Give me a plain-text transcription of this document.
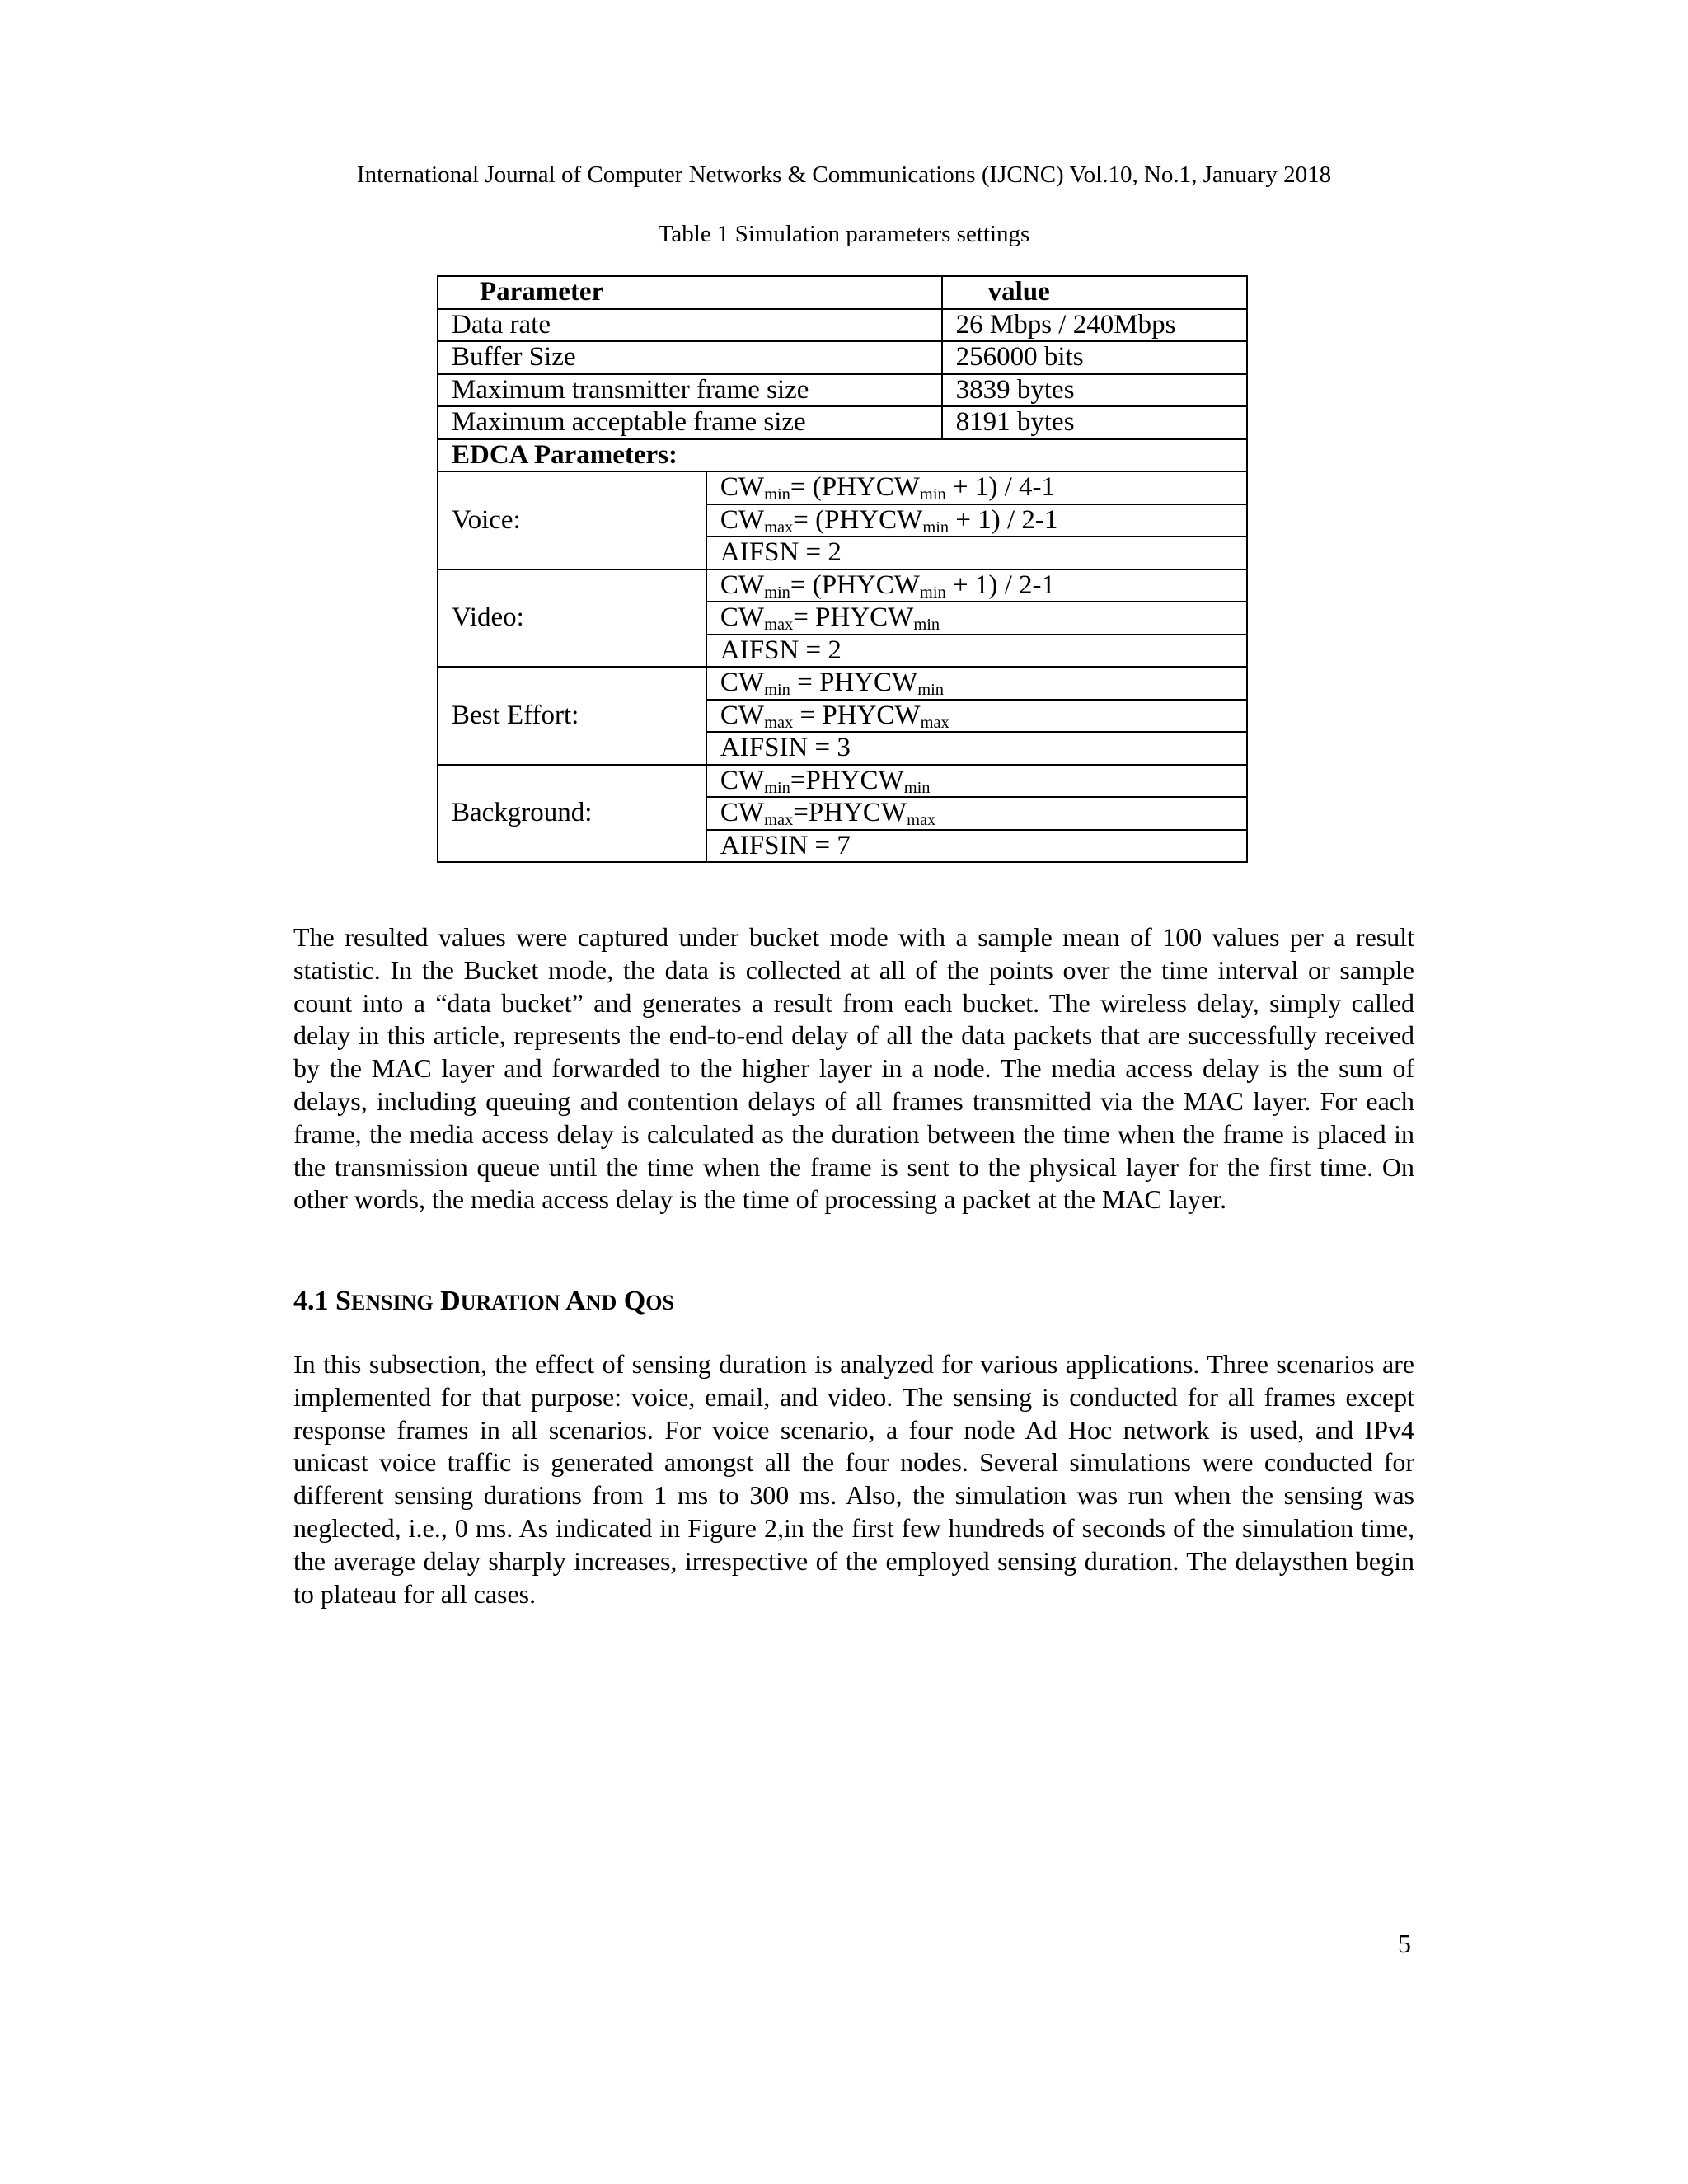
International Journal of Computer Networks & Communications (IJCNC) Vol.10, No.1, January 2018
Table 1 Simulation parameters settings
Parameter		value
Data rate		26 Mbps / 240Mbps
Buffer Size		256000 bits
Maximum transmitter frame size		3839 bytes
Maximum acceptable frame size		8191 bytes
EDCA Parameters:		
Voice:	$CW_{min}=$ $(PHYCW_{min} + 1) / 4-1$	
	$CW_{max}=$ $(PHYCW_{min} + 1) / 2-1$	
	AIFSN = 2	
Video:	$CW_{min}=$ $(PHYCW_{min} + 1) / 2-1$	
	$CW_{max}=$ $PHYCW_{min}$
	AIFSN = 2	
Best Effort:	$CW_{min}$ = $PHYCW_{min}$
	$CW_{max}$ = $PHYCW_{max}$
	AIFSIN = 3	
Background:	$CW_{min}=PHYCW_{min}$
	$CW_{max}=PHYCW_{max}$
	AIFSIN = 7	

The resulted values were captured under bucket mode with a sample mean of 100 values per a result statistic. In the Bucket mode, the data is collected at all of the points over the time interval or sample count into a “data bucket” and generates a result from each bucket. The wireless delay, simply called delay in this article, represents the end-to-end delay of all the data packets that are successfully received by the MAC layer and forwarded to the higher layer in a node. The media access delay is the sum of delays, including queuing and contention delays of all frames transmitted via the MAC layer. For each frame, the media access delay is calculated as the duration between the time when the frame is placed in the transmission queue until the time when the frame is sent to the physical layer for the first time. On other words, the media access delay is the time of processing a packet at the MAC layer.

4.1 SENSING DURATION AND QOS

In this subsection, the effect of sensing duration is analyzed for various applications. Three scenarios are implemented for that purpose: voice, email, and video. The sensing is conducted for all frames except response frames in all scenarios. For voice scenario, a four node Ad Hoc network is used, and IPv4 unicast voice traffic is generated amongst all the four nodes. Several simulations were conducted for different sensing durations from 1 ms to 300 ms. Also, the simulation was run when the sensing was neglected, i.e., 0 ms. As indicated in Figure 2,in the first few hundreds of seconds of the simulation time, the average delay sharply increases, irrespective of the employed sensing duration. The delaysthen begin to plateau for all cases.

5
